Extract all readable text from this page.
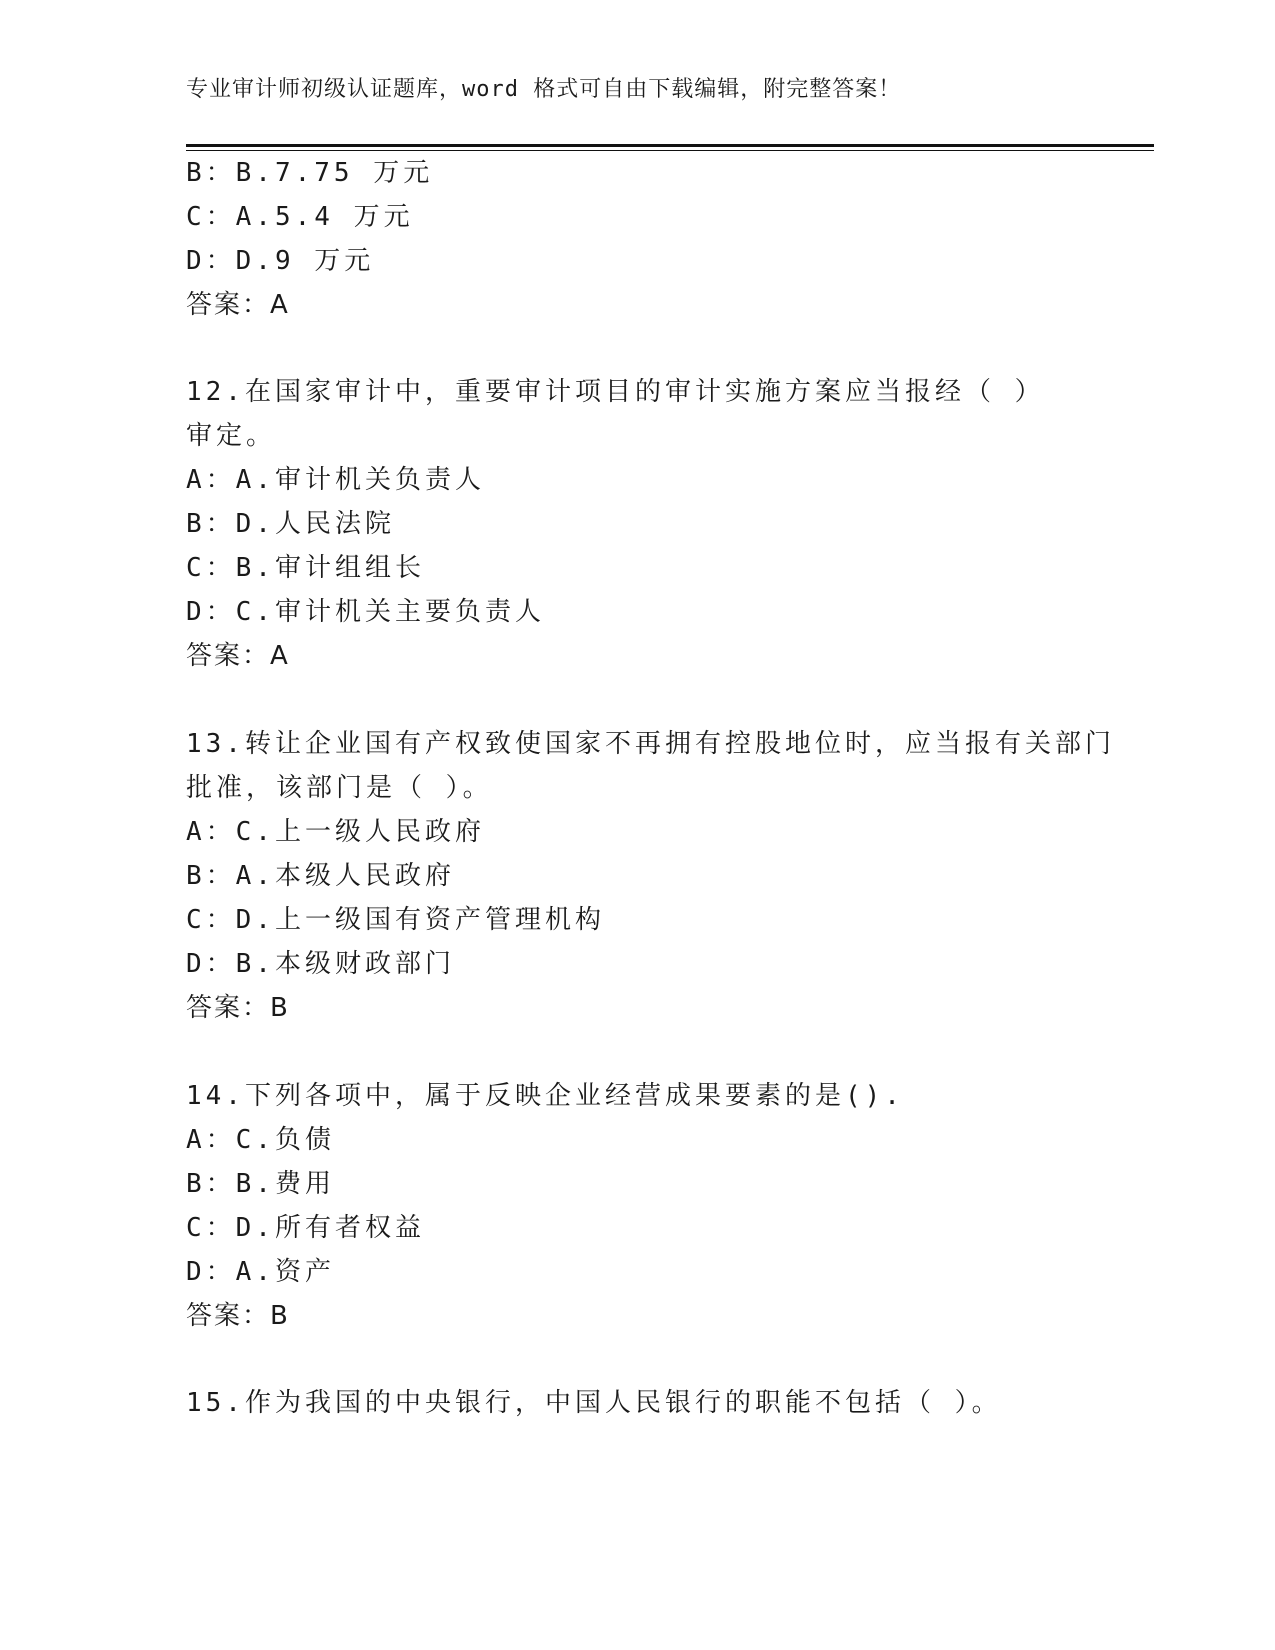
专业审计师初级认证题库，word 格式可自由下载编辑，附完整答案！
B：B.7.75 万元
C：A.5.4 万元
D：D.9 万元
答案：A
12.在国家审计中，重要审计项目的审计实施方案应当报经（ ）
审定。
A：A.审计机关负责人
B：D.人民法院
C：B.审计组组长
D：C.审计机关主要负责人
答案：A
13.转让企业国有产权致使国家不再拥有控股地位时，应当报有关部门
批准，该部门是（ ）。
A：C.上一级人民政府
B：A.本级人民政府
C：D.上一级国有资产管理机构
D：B.本级财政部门
答案：B
14.下列各项中，属于反映企业经营成果要素的是().
A：C.负债
B：B.费用
C：D.所有者权益
D：A.资产
答案：B
15.作为我国的中央银行，中国人民银行的职能不包括（ ）。
